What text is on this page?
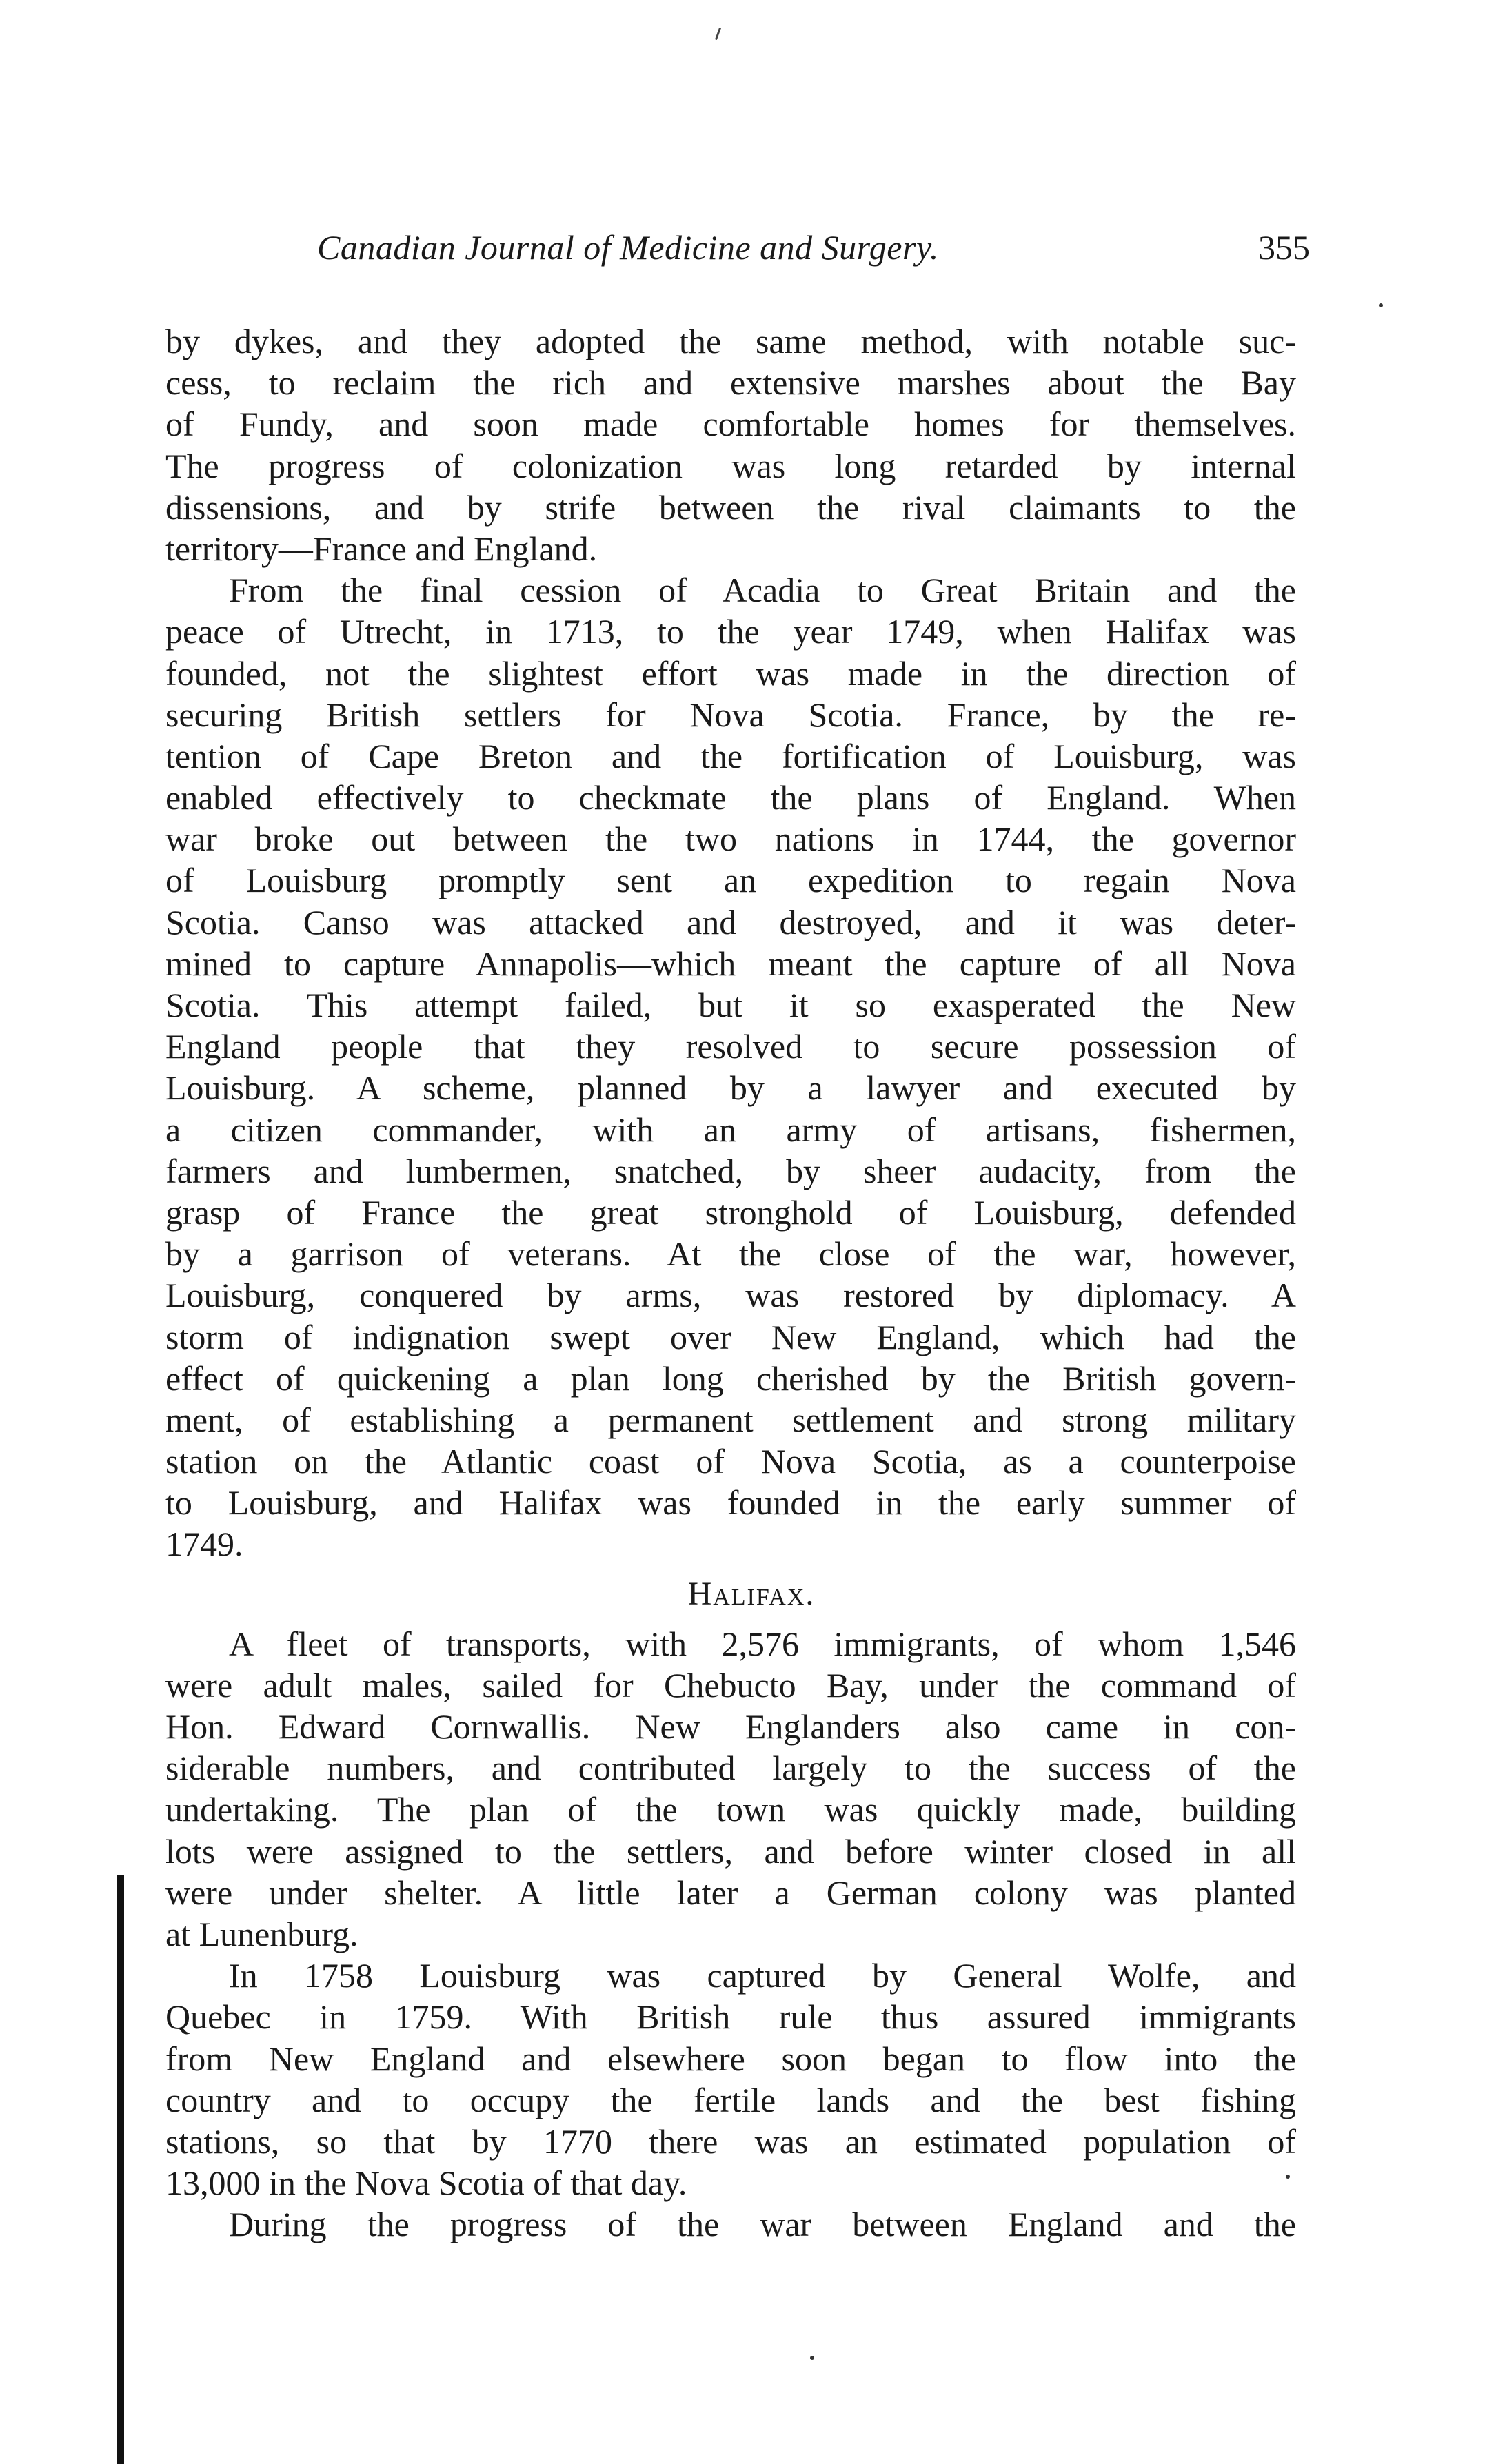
Canadian Journal of Medicine and Surgery.	355
by dykes, and they adopted the same method, with notable suc-
cess, to reclaim the rich and extensive marshes about the Bay
of Fundy, and soon made comfortable homes for themselves.
The progress of colonization was long retarded by internal
dissensions, and by strife between the rival claimants to the
territory—France and England.
From the final cession of Acadia to Great Britain and the
peace of Utrecht, in 1713, to the year 1749, when Halifax was
founded, not the slightest effort was made in the direction of
securing British settlers for Nova Scotia. France, by the re-
tention of Cape Breton and the fortification of Louisburg, was
enabled effectively to checkmate the plans of England. When
war broke out between the two nations in 1744, the governor
of Louisburg promptly sent an expedition to regain Nova
Scotia. Canso was attacked and destroyed, and it was deter-
mined to capture Annapolis—which meant the capture of all Nova
Scotia. This attempt failed, but it so exasperated the New
England people that they resolved to secure possession of
Louisburg. A scheme, planned by a lawyer and executed by
a citizen commander, with an army of artisans, fishermen,
farmers and lumbermen, snatched, by sheer audacity, from the
grasp of France the great stronghold of Louisburg, defended
by a garrison of veterans. At the close of the war, however,
Louisburg, conquered by arms, was restored by diplomacy. A
storm of indignation swept over New England, which had the
effect of quickening a plan long cherished by the British govern-
ment, of establishing a permanent settlement and strong military
station on the Atlantic coast of Nova Scotia, as a counterpoise
to Louisburg, and Halifax was founded in the early summer of
1749.
Halifax.
A fleet of transports, with 2,576 immigrants, of whom 1,546
were adult males, sailed for Chebucto Bay, under the command of
Hon. Edward Cornwallis. New Englanders also came in con-
siderable numbers, and contributed largely to the success of the
undertaking. The plan of the town was quickly made, building
lots were assigned to the settlers, and before winter closed in all
were under shelter. A little later a German colony was planted
at Lunenburg.
In 1758 Louisburg was captured by General Wolfe, and
Quebec in 1759. With British rule thus assured immigrants
from New England and elsewhere soon began to flow into the
country and to occupy the fertile lands and the best fishing
stations, so that by 1770 there was an estimated population of
13,000 in the Nova Scotia of that day.
During the progress of the war between England and the
